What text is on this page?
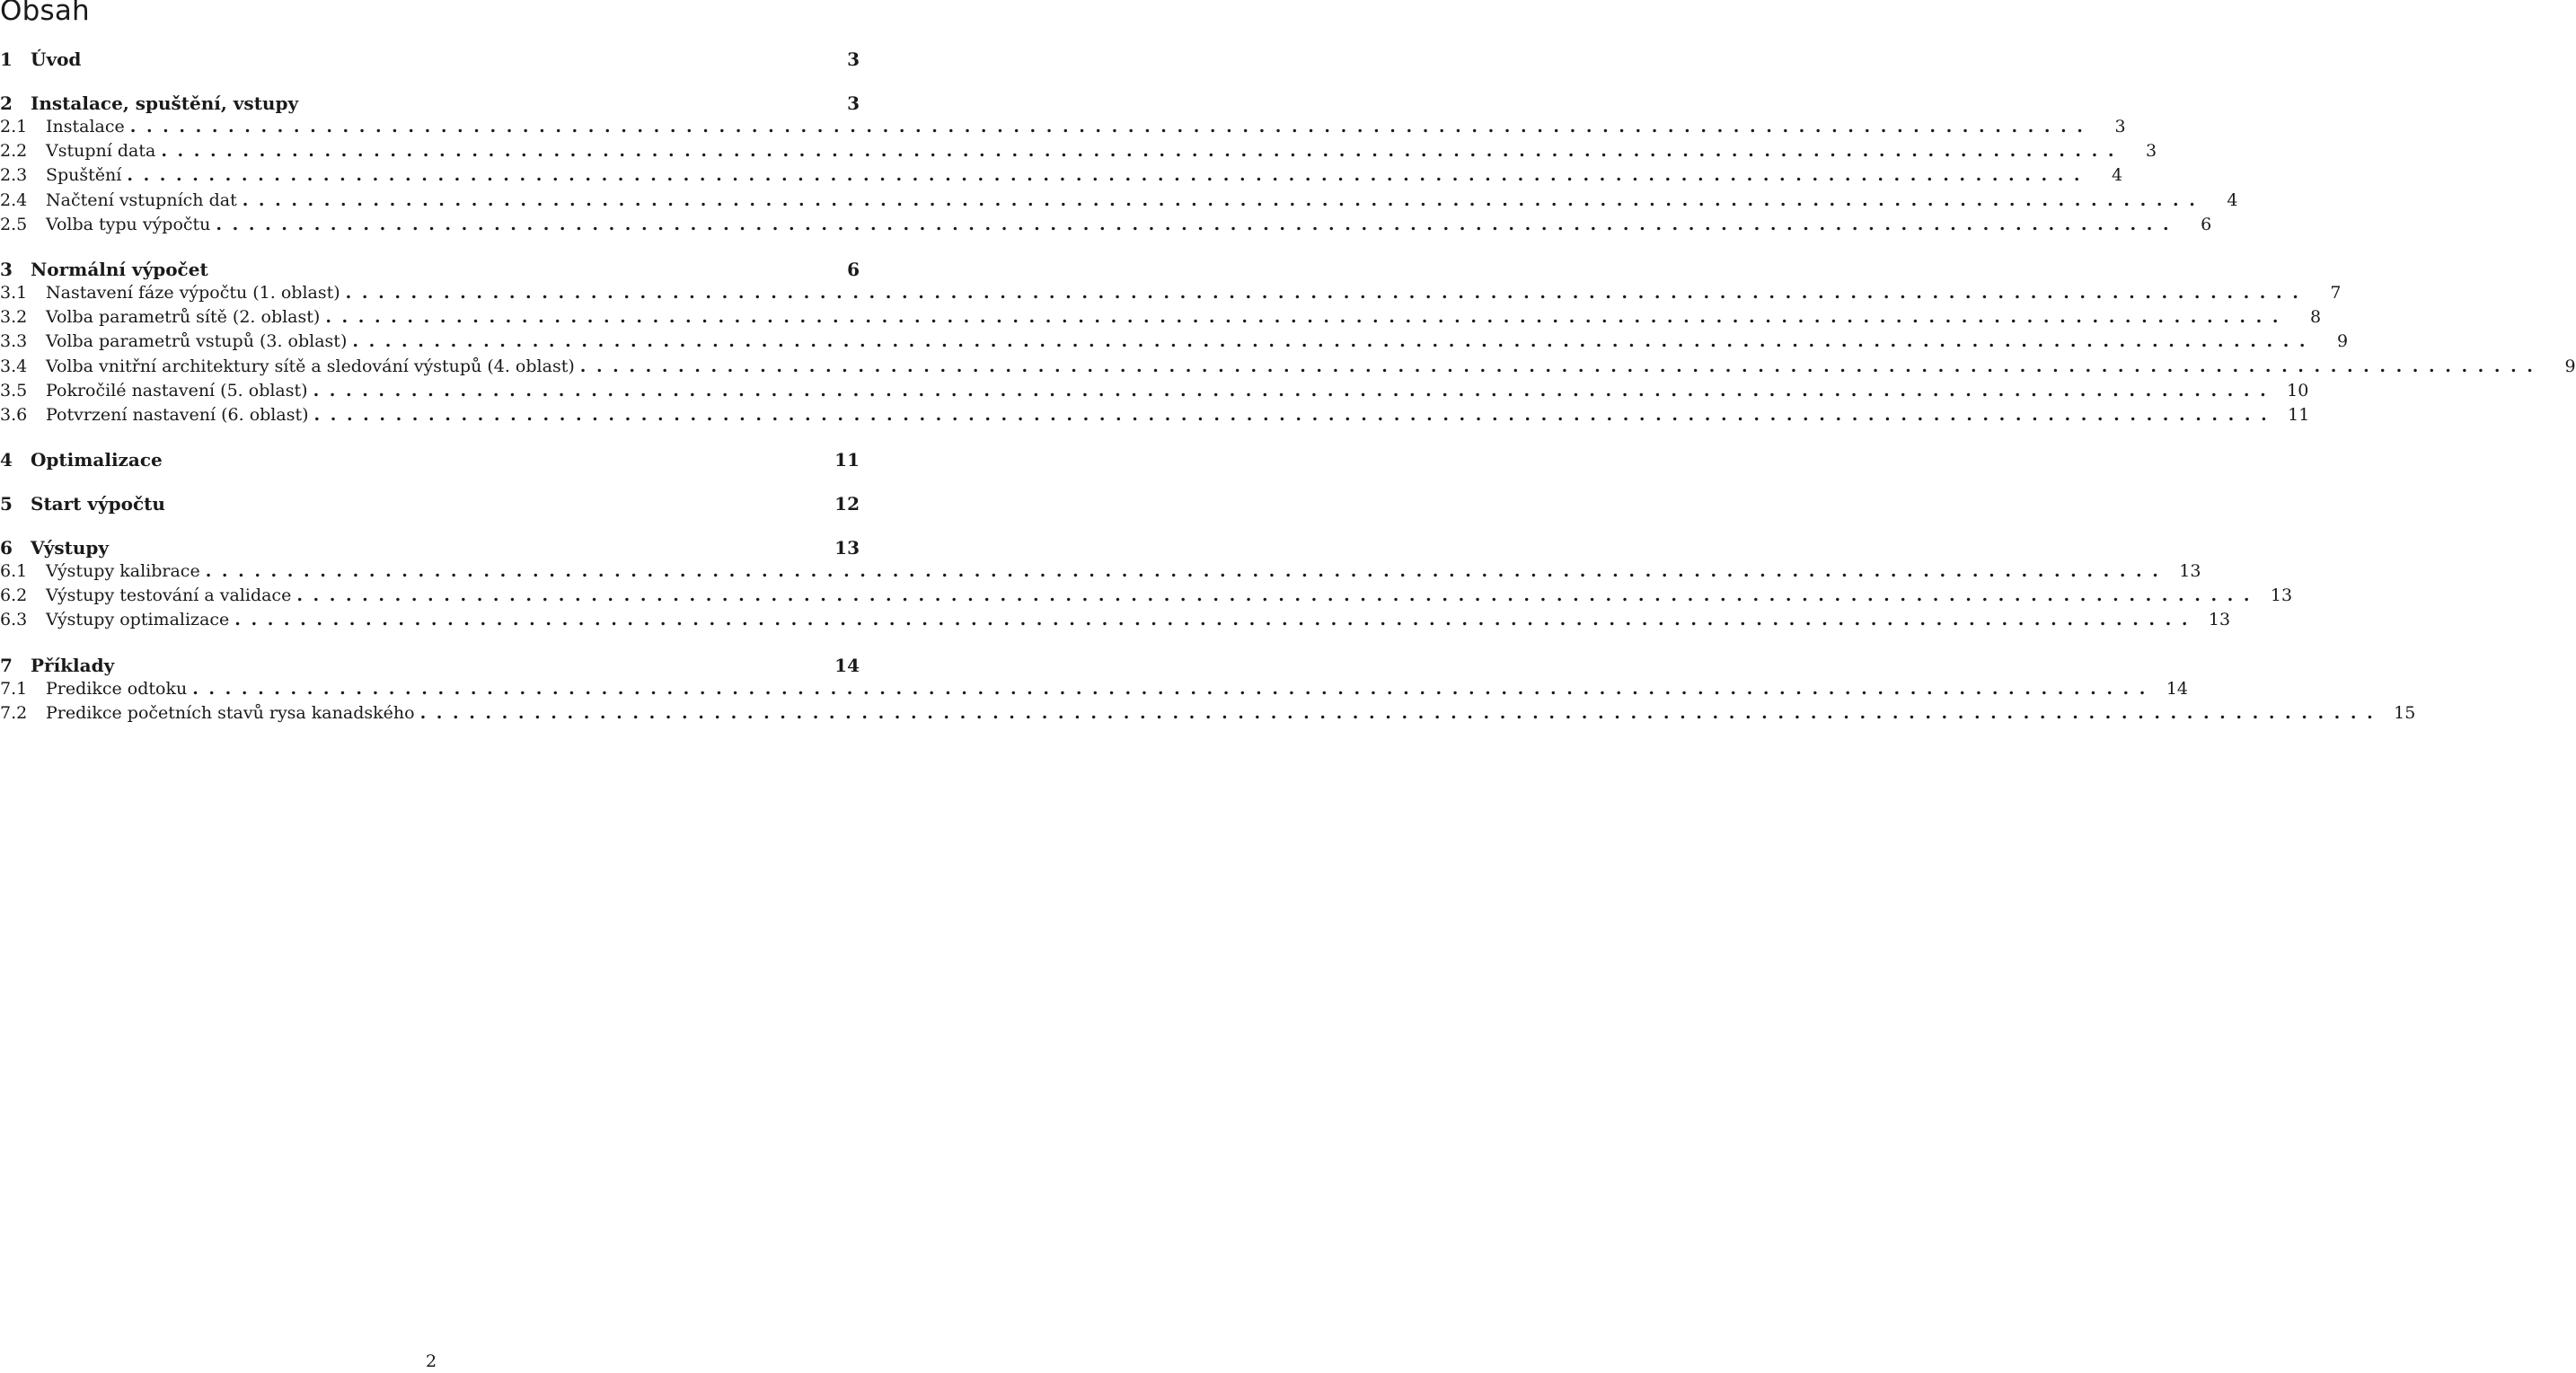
Obsah
1	Úvod	3
2	Instalace, spuštění, vstupy	3
2.1	Instalace ........................................................................................................................	3
2.2	Vstupní data ........................................................................................................................	3
2.3	Spuštění ........................................................................................................................	4
2.4	Načtení vstupních dat ........................................................................................................................	4
2.5	Volba typu výpočtu ........................................................................................................................	6
3	Normální výpočet	6
3.1	Nastavení fáze výpočtu (1. oblast) ........................................................................................................................	7
3.2	Volba parametrů sítě (2. oblast) ........................................................................................................................	8
3.3	Volba parametrů vstupů (3. oblast) ........................................................................................................................	9
3.4	Volba vnitřní architektury sítě a sledování výstupů (4. oblast) ........................................................................................................................	9
3.5	Pokročilé nastavení (5. oblast) ........................................................................................................................ 10
3.6	Potvrzení nastavení (6. oblast) ........................................................................................................................ 11
4	Optimalizace	11
5	Start výpočtu	12
6	Výstupy	13
6.1	Výstupy kalibrace ........................................................................................................................ 13
6.2	Výstupy testování a validace ........................................................................................................................ 13
6.3	Výstupy optimalizace ........................................................................................................................ 13
7	Příklady	14
7.1	Predikce odtoku ........................................................................................................................ 14
7.2	Predikce početních stavů rysa kanadského ........................................................................................................................ 15
2
